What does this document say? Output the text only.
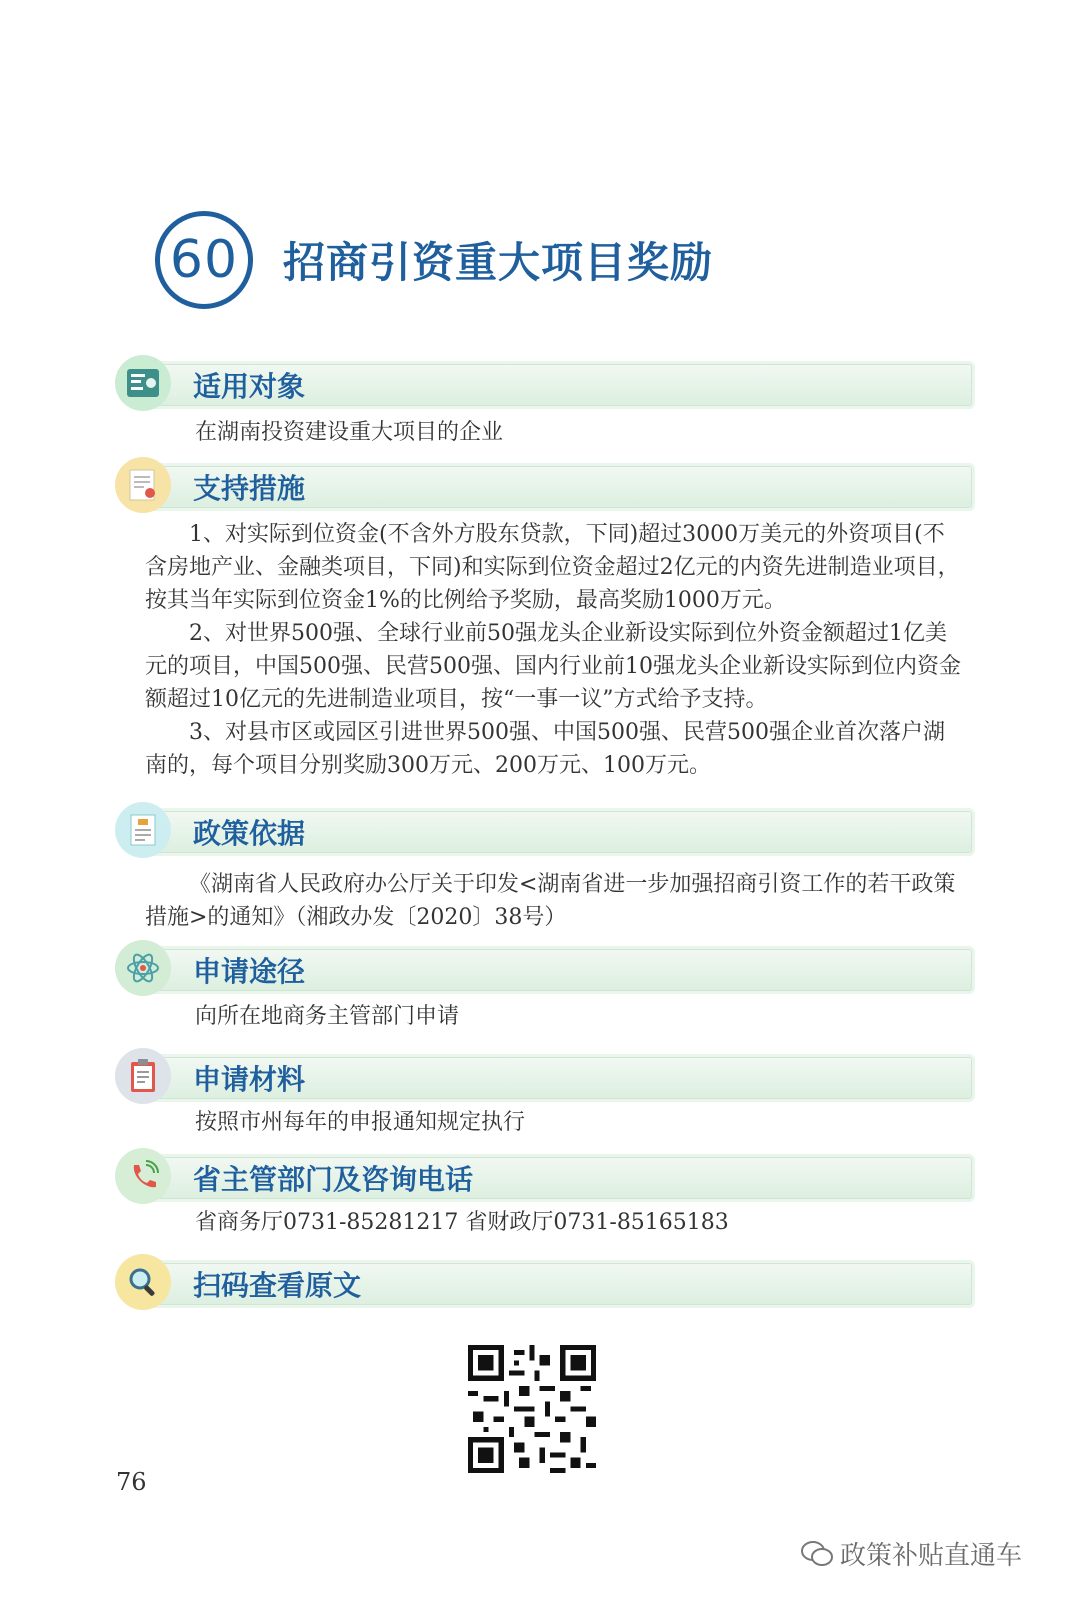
60	招商引资重大项目奖励
适用对象
在湖南投资建设重大项目的企业
支持措施

1、对实际到位资金(不含外方股东贷款，下同)超过3000万美元的外资项目(不含房地产业、金融类项目，下同)和实际到位资金超过2亿元的内资先进制造业项目，按其当年实际到位资金1%的比例给予奖励，最高奖励1000万元。

2、对世界500强、全球行业前50强龙头企业新设实际到位外资金额超过1亿美元的项目，中国500强、民营500强、国内行业前10强龙头企业新设实际到位内资金额超过10亿元的先进制造业项目，按“一事一议”方式给予支持。

3、对县市区或园区引进世界500强、中国500强、民营500强企业首次落户湖南的，每个项目分别奖励300万元、200万元、100万元。

政策依据
《湖南省人民政府办公厅关于印发<湖南省进一步加强招商引资工作的若干政策措施>的通知》（湘政办发〔2020〕38号）
申请途径
向所在地商务主管部门申请
申请材料
按照市州每年的申报通知规定执行
省主管部门及咨询电话
省商务厅0731-85281217 省财政厅0731-85165183
扫码查看原文
76
政策补贴直通车
